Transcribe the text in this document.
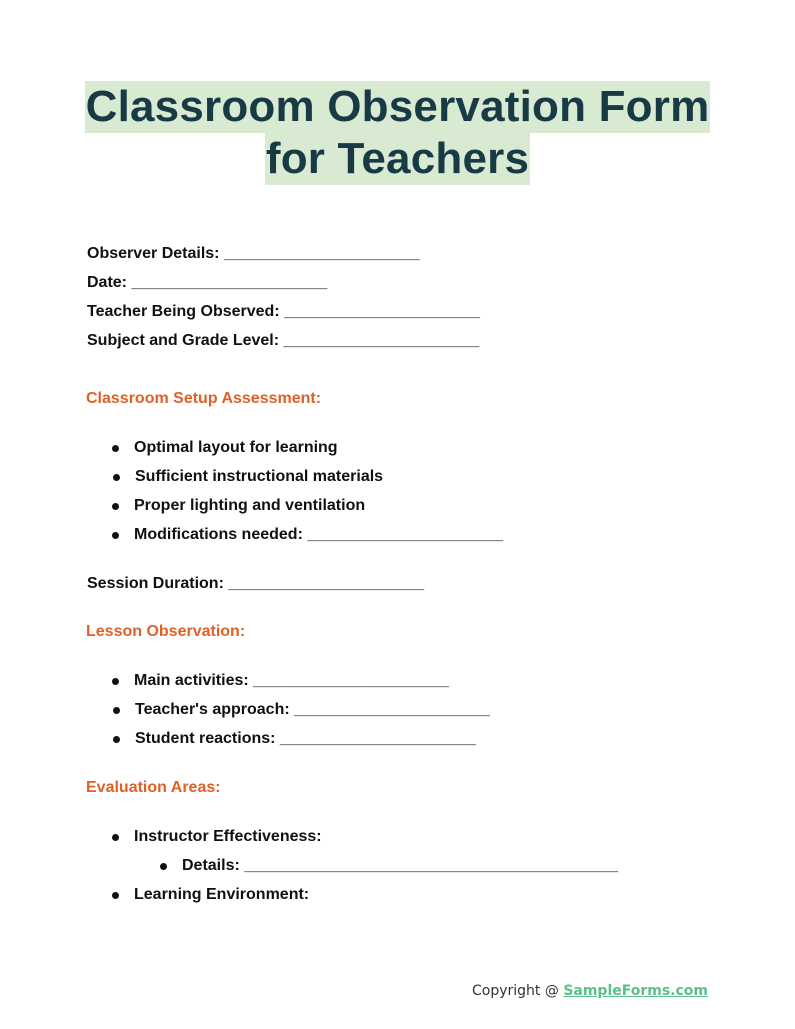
Classroom Observation Form
for Teachers
Observer Details: ______________________
Date: ______________________
Teacher Being Observed: ______________________
Subject and Grade Level: ______________________
Classroom Setup Assessment:
Optimal layout for learning
Sufficient instructional materials
Proper lighting and ventilation
Modifications needed: ______________________
Session Duration: ______________________
Lesson Observation:
Main activities: ______________________
Teacher's approach: ______________________
Student reactions: ______________________
Evaluation Areas:
Instructor Effectiveness:
Details: __________________________________________
Learning Environment:
Copyright @ SampleForms.com
